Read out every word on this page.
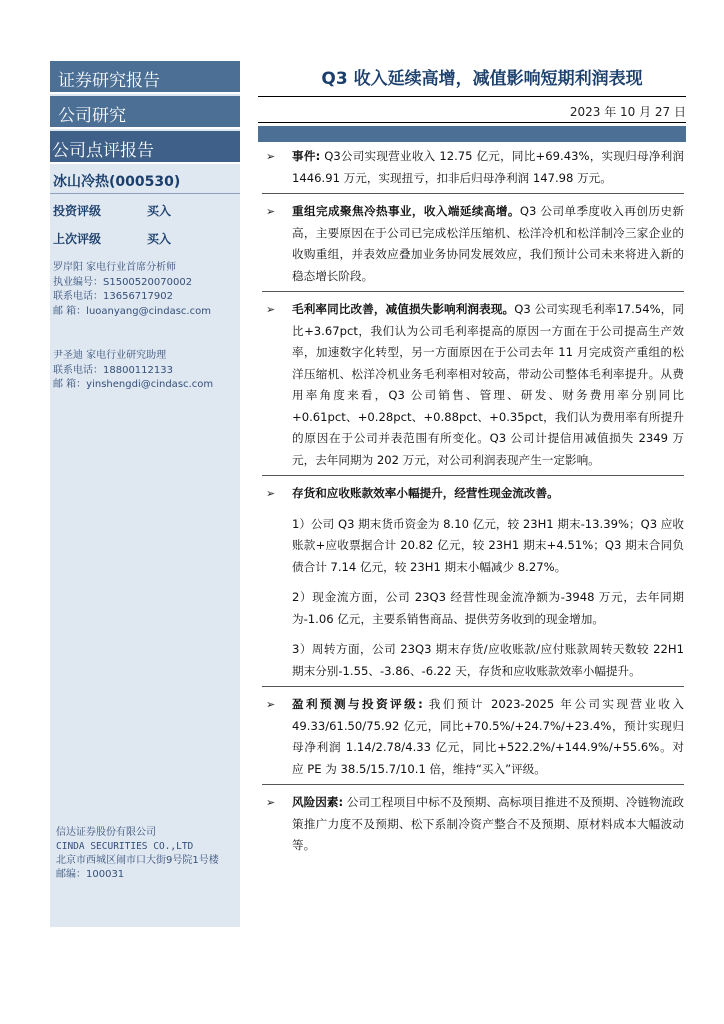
证券研究报告
公司研究
公司点评报告
冰山冷热(000530)
投资评级	买入
上次评级	买入
罗岸阳 家电行业首席分析师
执业编号：S1500520070002
联系电话：13656717902
邮 箱：luoanyang@cindasc.com
尹圣迪 家电行业研究助理
联系电话：18800112133
邮 箱：yinshengdi@cindasc.com
信达证券股份有限公司
CINDA SECURITIES CO.,LTD
北京市西城区闹市口大街9号院1号楼
邮编：100031
Q3 收入延续高增，减值影响短期利润表现
2023 年 10 月 27 日
➢ 事件: Q3公司实现营业收入 12.75 亿元，同比+69.43%，实现归母净利润 1446.91 万元，实现扭亏，扣非后归母净利润 147.98 万元。
➢ 重组完成聚焦冷热事业，收入端延续高增。Q3 公司单季度收入再创历史新高，主要原因在于公司已完成松洋压缩机、松洋冷机和松洋制冷三家企业的收购重组，并表效应叠加业务协同发展效应，我们预计公司未来将进入新的稳态增长阶段。
➢ 毛利率同比改善，减值损失影响利润表现。Q3 公司实现毛利率17.54%，同比+3.67pct，我们认为公司毛利率提高的原因一方面在于公司提高生产效率，加速数字化转型，另一方面原因在于公司去年 11 月完成资产重组的松洋压缩机、松洋冷机业务毛利率相对较高，带动公司整体毛利率提升。从费用率角度来看，Q3 公司销售、管理、研发、财务费用率分别同比+0.61pct、+0.28pct、+0.88pct、+0.35pct，我们认为费用率有所提升的原因在于公司并表范围有所变化。Q3 公司计提信用减值损失 2349 万元，去年同期为 202 万元，对公司利润表现产生一定影响。
➢ 存货和应收账款效率小幅提升，经营性现金流改善。
1）公司 Q3 期末货币资金为 8.10 亿元，较 23H1 期末-13.39%；Q3 应收账款+应收票据合计 20.82 亿元，较 23H1 期末+4.51%；Q3 期末合同负债合计 7.14 亿元，较 23H1 期末小幅减少 8.27%。
2）现金流方面，公司 23Q3 经营性现金流净额为-3948 万元，去年同期为-1.06 亿元，主要系销售商品、提供劳务收到的现金增加。
3）周转方面，公司 23Q3 期末存货/应收账款/应付账款周转天数较 22H1 期末分别-1.55、-3.86、-6.22 天，存货和应收账款效率小幅提升。
➢ 盈利预测与投资评级: 我们预计 2023-2025 年公司实现营业收入 49.33/61.50/75.92 亿元，同比+70.5%/+24.7%/+23.4%，预计实现归母净利润 1.14/2.78/4.33 亿元，同比+522.2%/+144.9%/+55.6%。对应 PE 为 38.5/15.7/10.1 倍，维持“买入”评级。
➢ 风险因素: 公司工程项目中标不及预期、高标项目推进不及预期、冷链物流政策推广力度不及预期、松下系制冷资产整合不及预期、原材料成本大幅波动等。
